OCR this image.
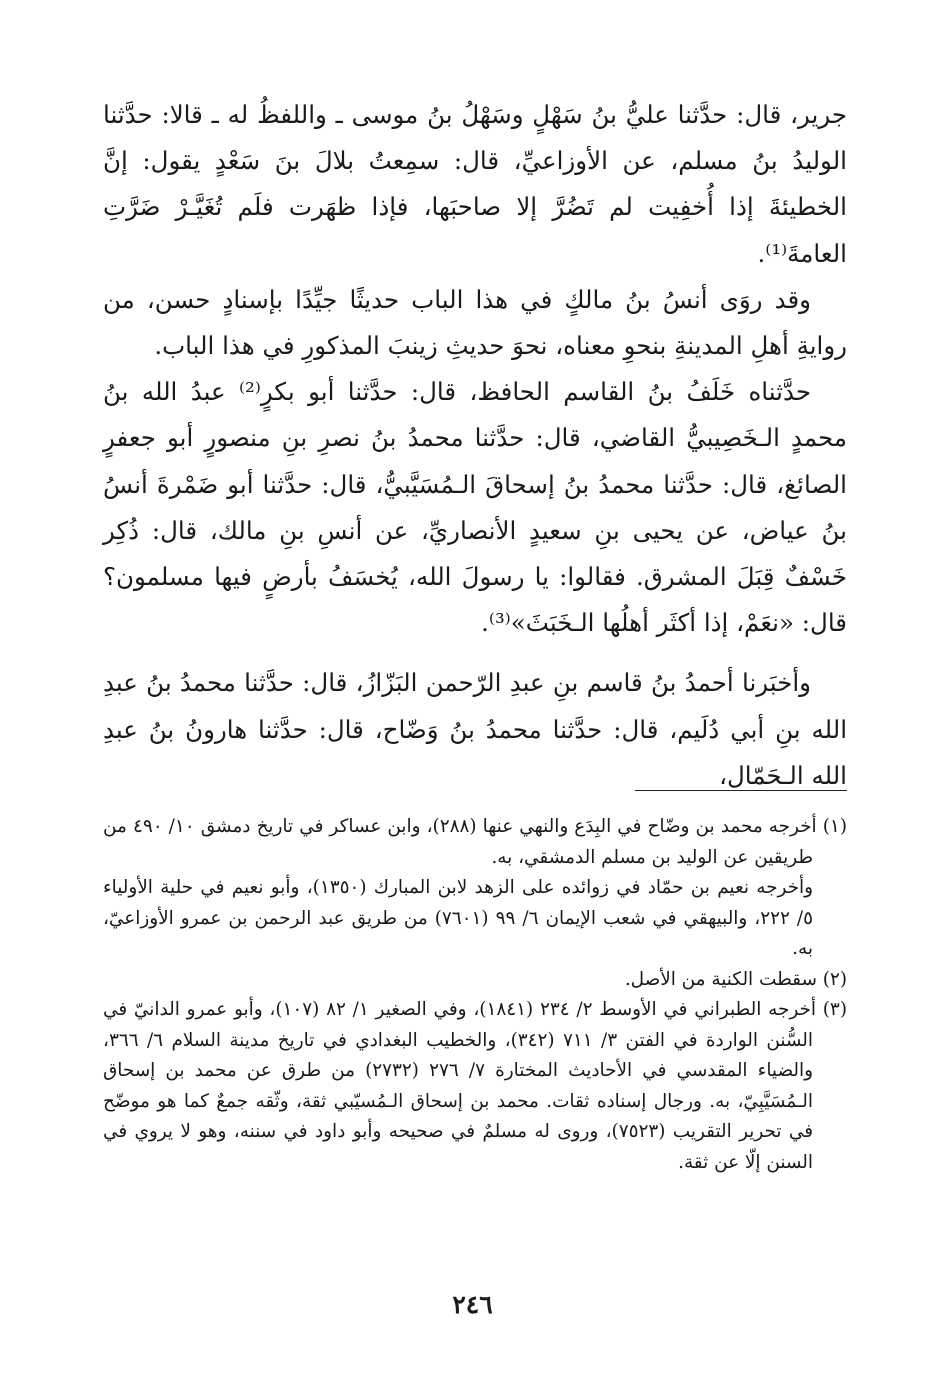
جرير، قال: حدَّثنا عليُّ بنُ سَهْلٍ وسَهْلُ بنُ موسى ـ واللفظُ له ـ قالا: حدَّثنا الوليدُ بنُ مسلم، عن الأوزاعيِّ، قال: سمِعتُ بلالَ بنَ سَعْدٍ يقول: إنَّ الخطيئةَ إذا أُخفِيت لم تَضُرَّ إلا صاحبَها، فإذا ظهَرت فلَم تُغَيَّـرْ ضَرَّتِ العامةَ⁽¹⁾.

وقد روَى أنسُ بنُ مالكٍ في هذا الباب حديثًا جيِّدًا بإسنادٍ حسن، من روايةِ أهلِ المدينةِ بنحوِ معناه، نحوَ حديثِ زينبَ المذكورِ في هذا الباب.

حدَّثناه خَلَفُ بنُ القاسم الحافظ، قال: حدَّثنا أبو بكرٍ⁽²⁾ عبدُ الله بنُ محمدٍ الـخَصِيبيُّ القاضي، قال: حدَّثنا محمدُ بنُ نصرِ بنِ منصورٍ أبو جعفرٍ الصائغ، قال: حدَّثنا محمدُ بنُ إسحاقَ الـمُسَيَّبيُّ، قال: حدَّثنا أبو ضَمْرةَ أنسُ بنُ عياض، عن يحيى بنِ سعيدٍ الأنصاريِّ، عن أنسِ بنِ مالك، قال: ذُكِر خَسْفٌ قِبَلَ المشرق. فقالوا: يا رسولَ الله، يُخسَفُ بأرضٍ فيها مسلمون؟ قال: «نعَمْ، إذا أكثَر أهلُها الـخَبَثَ»⁽³⁾.

وأخبَرنا أحمدُ بنُ قاسم بنِ عبدِ الرّحمن البَزّازُ، قال: حدَّثنا محمدُ بنُ عبدِ الله بنِ أبي دُلَيم، قال: حدَّثنا محمدُ بنُ وَضّاح، قال: حدَّثنا هارونُ بنُ عبدِ الله الـحَمّال،

(١) أخرجه محمد بن وضّاح في البِدَع والنهي عنها (٢٨٨)، وابن عساكر في تاريخ دمشق ١٠/ ٤٩٠ من طريقين عن الوليد بن مسلم الدمشقي، به.

وأخرجه نعيم بن حمّاد في زوائده على الزهد لابن المبارك (١٣٥٠)، وأبو نعيم في حلية الأولياء ٥/ ٢٢٢، والبيهقي في شعب الإيمان ٦/ ٩٩ (٧٦٠١) من طريق عبد الرحمن بن عمرو الأوزاعيّ، به.

(٢) سقطت الكنية من الأصل.

(٣) أخرجه الطبراني في الأوسط ٢/ ٢٣٤ (١٨٤١)، وفي الصغير ١/ ٨٢ (١٠٧)، وأبو عمرو الدانيّ في السُّنن الواردة في الفتن ٣/ ٧١١ (٣٤٢)، والخطيب البغدادي في تاريخ مدينة السلام ٦/ ٣٦٦، والضياء المقدسي في الأحاديث المختارة ٧/ ٢٧٦ (٢٧٣٢) من طرق عن محمد بن إسحاق الـمُسَيَّبِيّ، به. ورجال إسناده ثقات. محمد بن إسحاق الـمُسيّبي ثقة، وثّقه جمعٌ كما هو موضّح في تحرير التقريب (٧٥٢٣)، وروى له مسلمٌ في صحيحه وأبو داود في سننه، وهو لا يروي في السنن إلّا عن ثقة.

٢٤٦
